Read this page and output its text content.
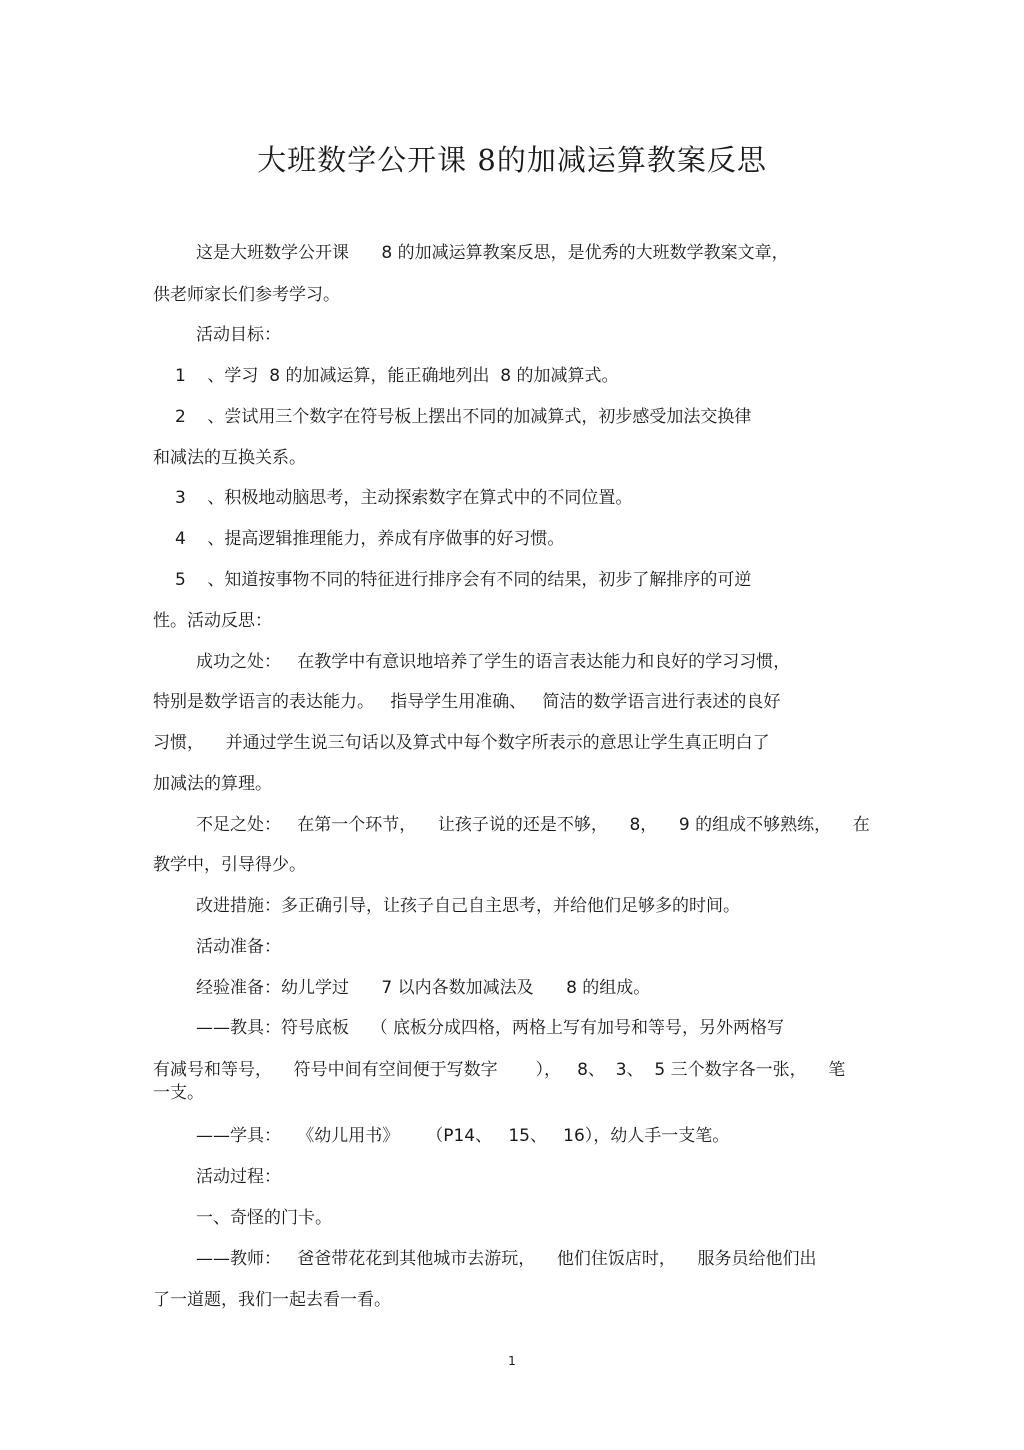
大班数学公开课 8的加减运算教案反思
这是大班数学公开课      8 的加减运算教案反思，是优秀的大班数学教案文章，
供老师家长们参考学习。
活动目标：
1    、学习  8 的加减运算，能正确地列出  8 的加减算式。
2    、尝试用三个数字在符号板上摆出不同的加减算式，初步感受加法交换律
和减法的互换关系。
3    、积极地动脑思考，主动探索数字在算式中的不同位置。
4    、提高逻辑推理能力，养成有序做事的好习惯。
5    、知道按事物不同的特征进行排序会有不同的结果，初步了解排序的可逆
性。活动反思：
成功之处：   在教学中有意识地培养了学生的语言表达能力和良好的学习习惯，
特别是数学语言的表达能力。   指导学生用准确、   简洁的数学语言进行表述的良好
习惯，    并通过学生说三句话以及算式中每个数字所表示的意思让学生真正明白了
加减法的算理。
不足之处：   在第一个环节，    让孩子说的还是不够，    8，    9 的组成不够熟练，    在
教学中，引导得少。
改进措施：多正确引导，让孩子自己自主思考，并给他们足够多的时间。
活动准备：
经验准备：幼儿学过      7 以内各数加减法及      8 的组成。
——教具：符号底板    （ 底板分成四格，两格上写有加号和等号，另外两格写
有减号和等号，    符号中间有空间便于写数字       ），   8、  3、  5 三个数字各一张，    笔
一支。
——学具：   《幼儿用书》     （P14、   15、   16），幼人手一支笔。
活动过程：
一、奇怪的门卡。
——教师：   爸爸带花花到其他城市去游玩，    他们住饭店时，    服务员给他们出
了一道题，我们一起去看一看。
1
